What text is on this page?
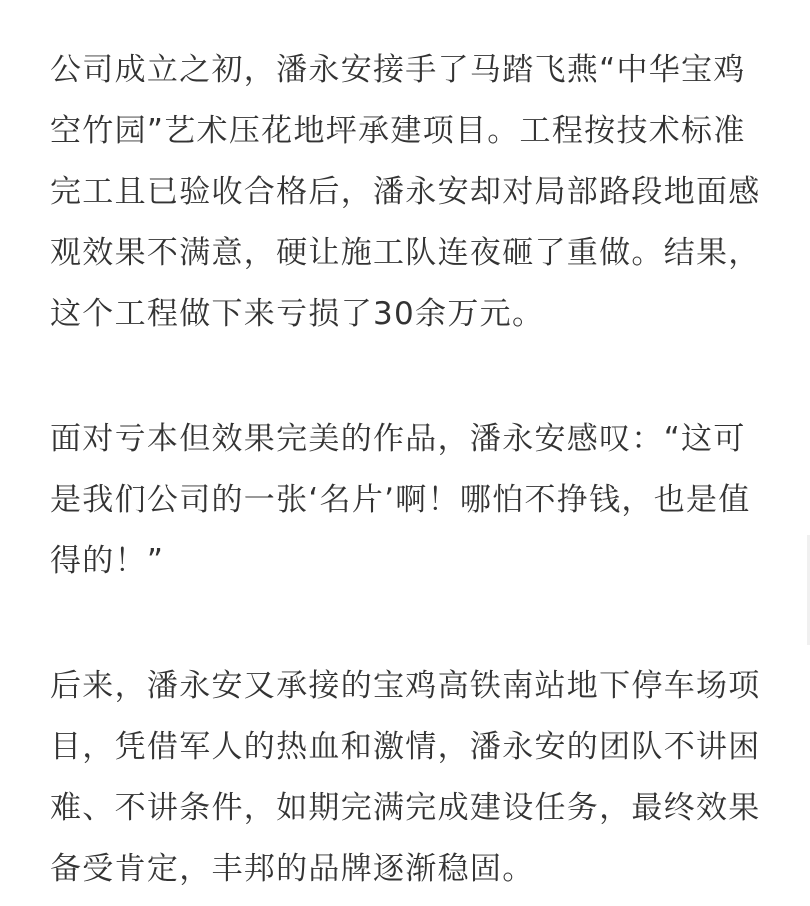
公司成立之初，潘永安接手了马踏飞燕“中华宝鸡
空竹园”艺术压花地坪承建项目。工程按技术标准
完工且已验收合格后，潘永安却对局部路段地面感
观效果不满意，硬让施工队连夜砸了重做。结果，
这个工程做下来亏损了30余万元。
面对亏本但效果完美的作品，潘永安感叹：“这可
是我们公司的一张‘名片’啊！哪怕不挣钱，也是值
得的！”
后来，潘永安又承接的宝鸡高铁南站地下停车场项
目，凭借军人的热血和激情，潘永安的团队不讲困
难、不讲条件，如期完满完成建设任务，最终效果
备受肯定，丰邦的品牌逐渐稳固。
